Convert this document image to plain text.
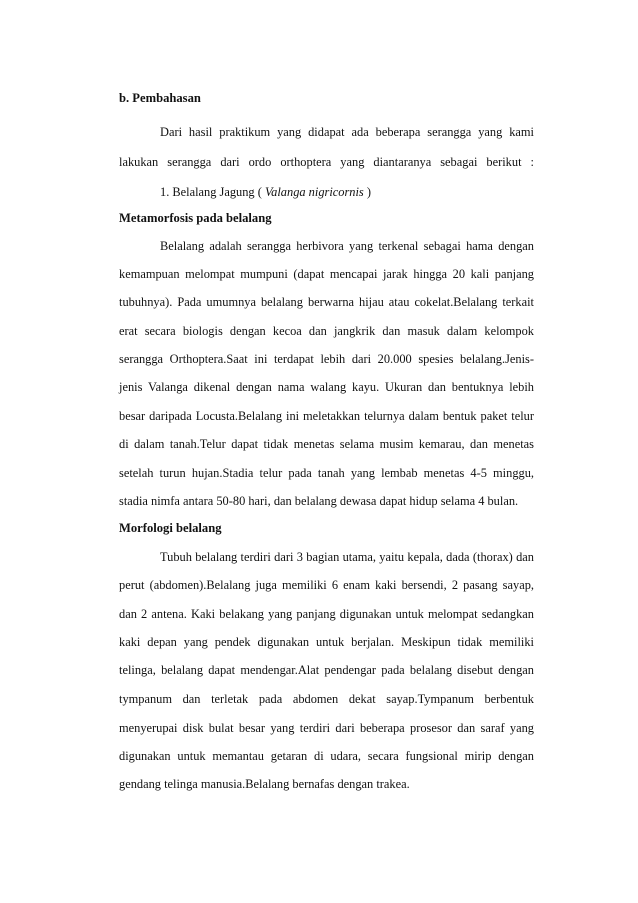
b. Pembahasan
Dari hasil praktikum yang didapat ada beberapa serangga yang kami
lakukan serangga dari ordo orthoptera yang diantaranya sebagai berikut :
1. Belalang Jagung ( Valanga nigricornis )
Metamorfosis pada belalang
Belalang adalah serangga herbivora yang terkenal sebagai hama dengan
kemampuan melompat mumpuni (dapat mencapai jarak hingga 20 kali panjang
tubuhnya). Pada umumnya belalang berwarna hijau atau cokelat.Belalang terkait
erat secara biologis dengan kecoa dan jangkrik dan masuk dalam kelompok
serangga Orthoptera.Saat ini terdapat lebih dari 20.000 spesies belalang.Jenis-
jenis Valanga dikenal dengan nama walang kayu. Ukuran dan bentuknya lebih
besar daripada Locusta.Belalang ini meletakkan telurnya dalam bentuk paket telur
di dalam tanah.Telur dapat tidak menetas selama musim kemarau, dan menetas
setelah turun hujan.Stadia telur pada tanah yang lembab menetas 4-5 minggu,
stadia nimfa antara 50-80 hari, dan belalang dewasa dapat hidup selama 4 bulan.
Morfologi belalang
Tubuh belalang terdiri dari 3 bagian utama, yaitu kepala, dada (thorax) dan
perut (abdomen).Belalang juga memiliki 6 enam kaki bersendi, 2 pasang sayap,
dan 2 antena. Kaki belakang yang panjang digunakan untuk melompat sedangkan
kaki depan yang pendek digunakan untuk berjalan. Meskipun tidak memiliki
telinga, belalang dapat mendengar.Alat pendengar pada belalang disebut dengan
tympanum dan terletak pada abdomen dekat sayap.Tympanum berbentuk
menyerupai disk bulat besar yang terdiri dari beberapa prosesor dan saraf yang
digunakan untuk memantau getaran di udara, secara fungsional mirip dengan
gendang telinga manusia.Belalang bernafas dengan trakea.
